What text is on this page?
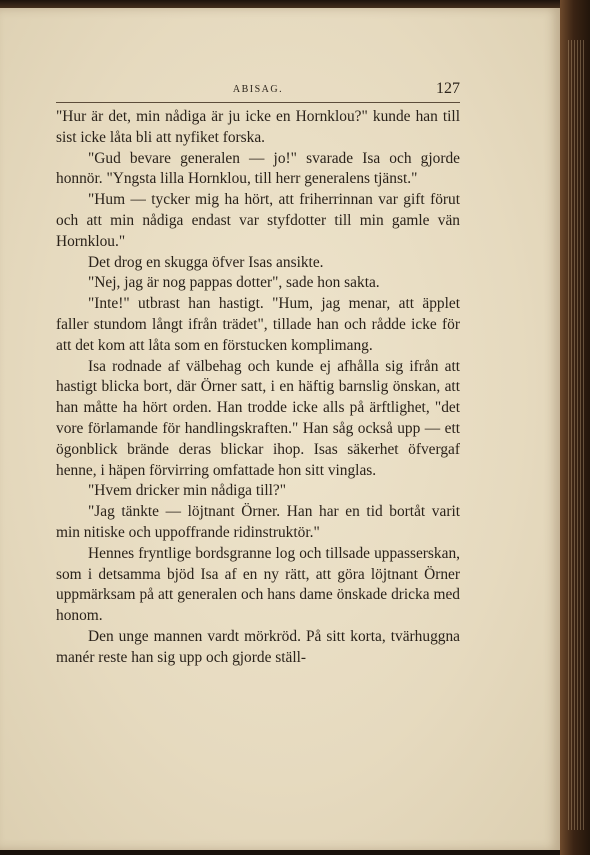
ABISAG.	127

"Hur är det, min nådiga är ju icke en Hornklou?" kunde han till sist icke låta bli att nyfiket forska.

"Gud bevare generalen — jo!" svarade Isa och gjorde honnör. "Yngsta lilla Hornklou, till herr generalens tjänst."

"Hum — tycker mig ha hört, att friherrinnan var gift förut och att min nådiga endast var styfdotter till min gamle vän Hornklou."

Det drog en skugga öfver Isas ansikte.

"Nej, jag är nog pappas dotter", sade hon sakta.

"Inte!" utbrast han hastigt. "Hum, jag menar, att äpplet faller stundom långt ifrån trädet", tillade han och rådde icke för att det kom att låta som en förstucken komplimang.

Isa rodnade af välbehag och kunde ej afhålla sig ifrån att hastigt blicka bort, där Örner satt, i en häftig barnslig önskan, att han måtte ha hört orden. Han trodde icke alls på ärftlighet, "det vore förlamande för handlingskraften." Han såg också upp — ett ögonblick brände deras blickar ihop. Isas säkerhet öfvergaf henne, i häpen förvirring omfattade hon sitt vinglas.

"Hvem dricker min nådiga till?"

"Jag tänkte — löjtnant Örner. Han har en tid bortåt varit min nitiske och uppoffrande ridinstruktör."

Hennes fryntlige bordsgranne log och tillsade uppasserskan, som i detsamma bjöd Isa af en ny rätt, att göra löjtnant Örner uppmärksam på att generalen och hans dame önskade dricka med honom.

Den unge mannen vardt mörkröd. På sitt korta, tvärhuggna manér reste han sig upp och gjorde ställ-
